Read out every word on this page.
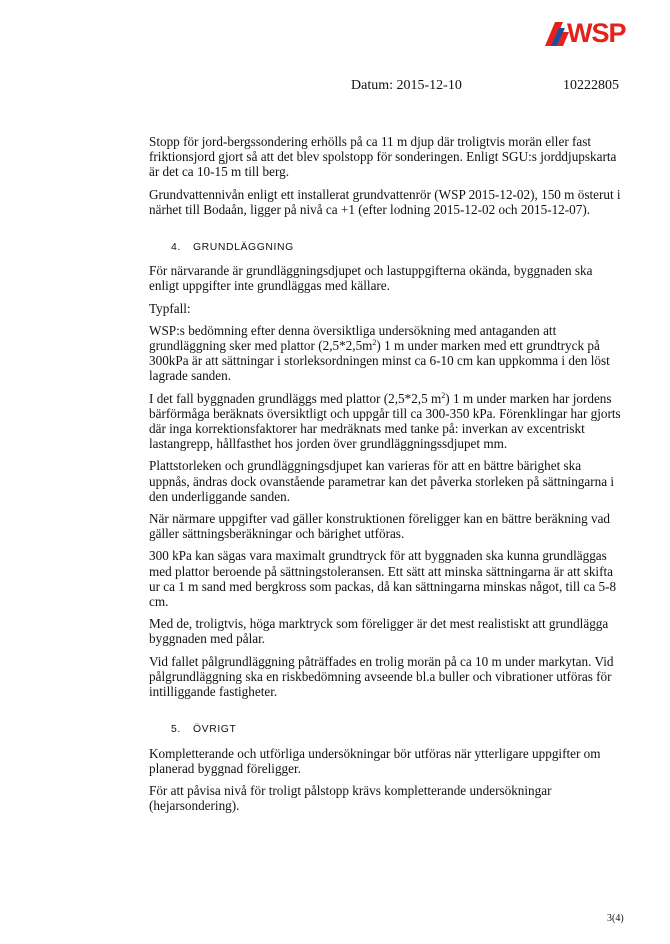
WSP
Datum: 2015-12-10	10222805

Stopp för jord-bergssondering erhölls på ca 11 m djup där troligtvis morän eller fast friktionsjord gjort så att det blev spolstopp för sonderingen. Enligt SGU:s jorddjupskarta är det ca 10-15 m till berg.

Grundvattennivån enligt ett installerat grundvattenrör (WSP 2015-12-02), 150 m österut i närhet till Bodaån, ligger på nivå ca +1 (efter lodning 2015-12-02 och 2015-12-07).

4. GRUNDLÄGGNING

För närvarande är grundläggningsdjupet och lastuppgifterna okända, byggnaden ska enligt uppgifter inte grundläggas med källare.

Typfall:

WSP:s bedömning efter denna översiktliga undersökning med antaganden att grundläggning sker med plattor $(2,5*2,5m^2)$ 1 m under marken med ett grundtryck på 300kPa är att sättningar i storleksordningen minst ca 6-10 cm kan uppkomma i den löst lagrade sanden.

I det fall byggnaden grundläggs med plattor (2,5*2,5 $m^2$) 1 m under marken har jordens bärförmåga beräknats översiktligt och uppgår till ca 300-350 kPa. Förenklingar har gjorts där inga korrektionsfaktorer har medräknats med tanke på: inverkan av excentriskt lastangrepp, hållfasthet hos jorden över grundläggningssdjupet mm.

Plattstorleken och grundläggningsdjupet kan varieras för att en bättre bärighet ska uppnås, ändras dock ovanstående parametrar kan det påverka storleken på sättningarna i den underliggande sanden.

När närmare uppgifter vad gäller konstruktionen föreligger kan en bättre beräkning vad gäller sättningsberäkningar och bärighet utföras.

300 kPa kan sägas vara maximalt grundtryck för att byggnaden ska kunna grundläggas med plattor beroende på sättningstoleransen. Ett sätt att minska sättningarna är att skifta ur ca 1 m sand med bergkross som packas, då kan sättningarna minskas något, till ca 5-8 cm.

Med de, troligtvis, höga marktryck som föreligger är det mest realistiskt att grundlägga byggnaden med pålar.

Vid fallet pålgrundläggning påträffades en trolig morän på ca 10 m under markytan. Vid pålgrundläggning ska en riskbedömning avseende bl.a buller och vibrationer utföras för intilliggande fastigheter.

5. ÖVRIGT

Kompletterande och utförliga undersökningar bör utföras när ytterligare uppgifter om planerad byggnad föreligger.

För att påvisa nivå för troligt pålstopp krävs kompletterande undersökningar (hejarsondering).

3(4)
